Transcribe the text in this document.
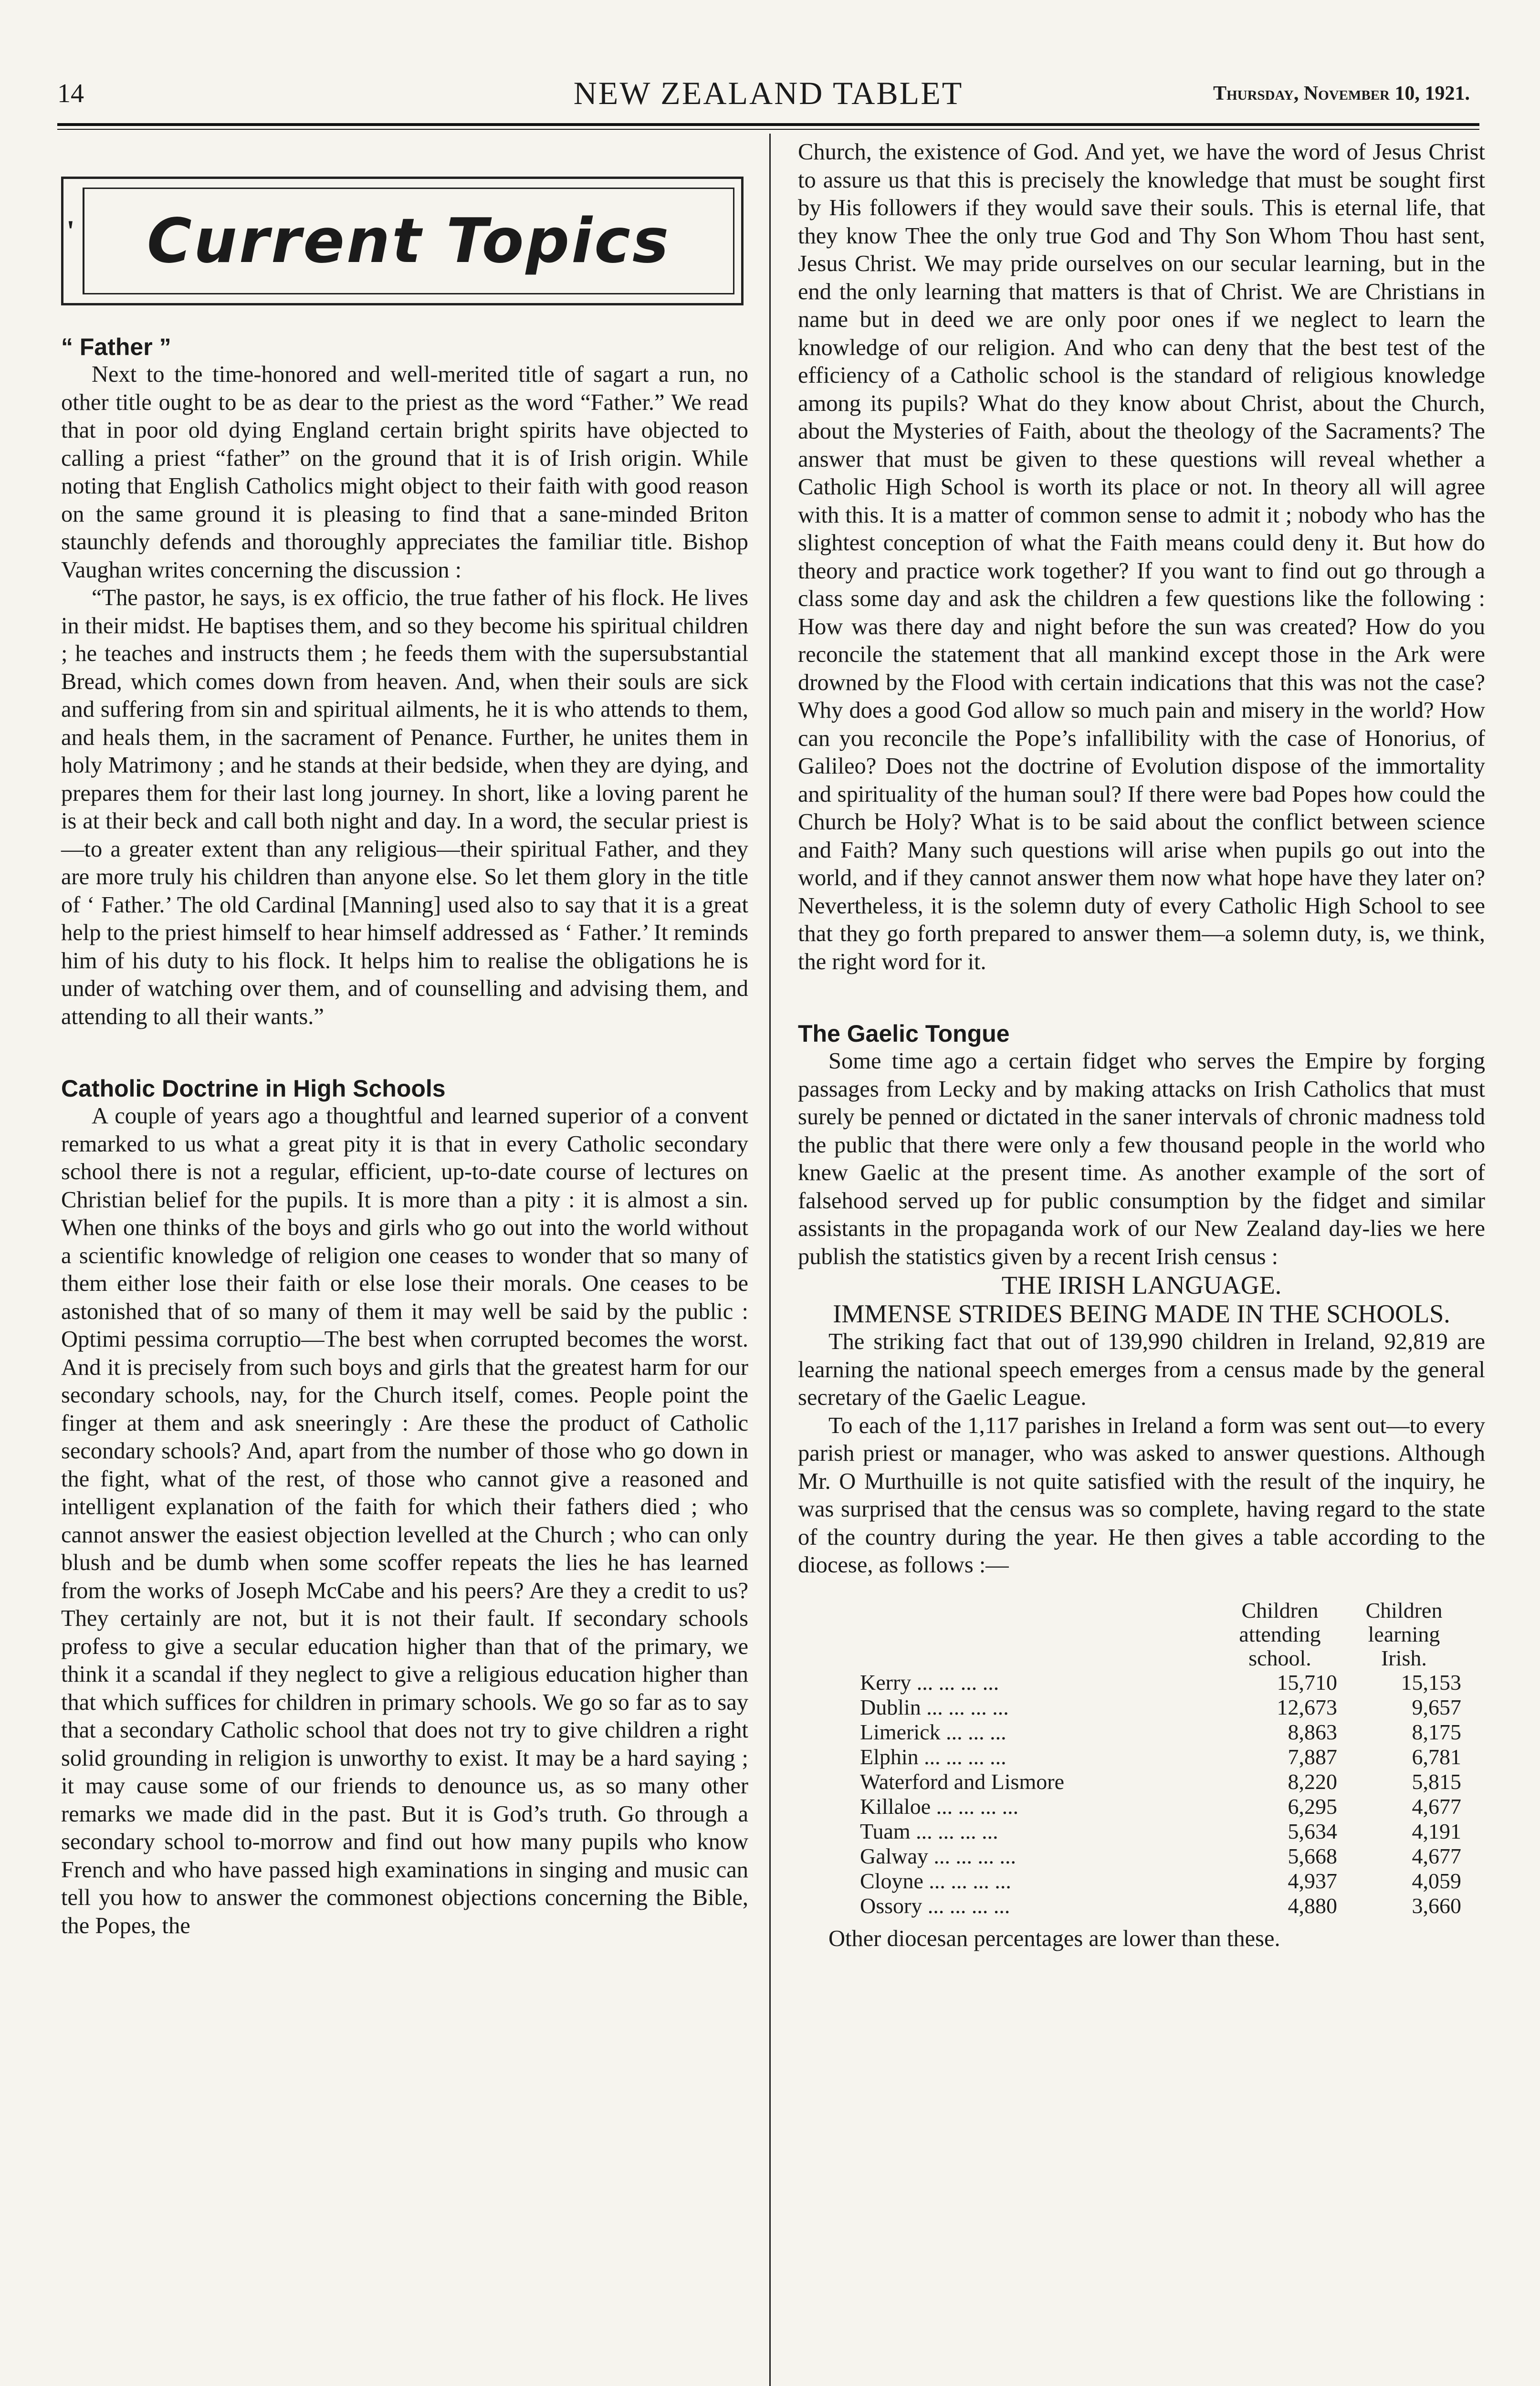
14	NEW ZEALAND TABLET	Thursday, November 10, 1921.
'	Current Topics
“ Father ”

Next to the time-honored and well-merited title of sagart a run, no other title ought to be as dear to the priest as the word “Father.” We read that in poor old dying England certain bright spirits have objected to calling a priest “father” on the ground that it is of Irish origin. While noting that English Catholics might object to their faith with good reason on the same ground it is pleasing to find that a sane-minded Briton staunchly defends and thoroughly appreciates the familiar title. Bishop Vaughan writes concerning the discussion :

“The pastor, he says, is ex officio, the true father of his flock. He lives in their midst. He baptises them, and so they become his spiritual children ; he teaches and instructs them ; he feeds them with the supersubstantial Bread, which comes down from heaven. And, when their souls are sick and suffering from sin and spiritual ailments, he it is who attends to them, and heals them, in the sacrament of Penance. Further, he unites them in holy Matrimony ; and he stands at their bedside, when they are dying, and prepares them for their last long journey. In short, like a loving parent he is at their beck and call both night and day. In a word, the secular priest is—to a greater extent than any religious—their spiritual Father, and they are more truly his children than anyone else. So let them glory in the title of ‘ Father.’ The old Cardinal [Manning] used also to say that it is a great help to the priest himself to hear himself addressed as ‘ Father.’ It reminds him of his duty to his flock. It helps him to realise the obligations he is under of watching over them, and of counselling and advising them, and attending to all their wants.”

Catholic Doctrine in High Schools

A couple of years ago a thoughtful and learned superior of a convent remarked to us what a great pity it is that in every Catholic secondary school there is not a regular, efficient, up-to-date course of lectures on Christian belief for the pupils. It is more than a pity : it is almost a sin. When one thinks of the boys and girls who go out into the world without a scientific knowledge of religion one ceases to wonder that so many of them either lose their faith or else lose their morals. One ceases to be astonished that of so many of them it may well be said by the public : Optimi pessima corruptio—The best when corrupted becomes the worst. And it is precisely from such boys and girls that the greatest harm for our secondary schools, nay, for the Church itself, comes. People point the finger at them and ask sneeringly : Are these the product of Catholic secondary schools? And, apart from the number of those who go down in the fight, what of the rest, of those who cannot give a reasoned and intelligent explanation of the faith for which their fathers died ; who cannot answer the easiest objection levelled at the Church ; who can only blush and be dumb when some scoffer repeats the lies he has learned from the works of Joseph McCabe and his peers? Are they a credit to us? They certainly are not, but it is not their fault. If secondary schools profess to give a secular education higher than that of the primary, we think it a scandal if they neglect to give a religious education higher than that which suffices for children in primary schools. We go so far as to say that a secondary Catholic school that does not try to give children a right solid grounding in religion is unworthy to exist. It may be a hard saying ; it may cause some of our friends to denounce us, as so many other remarks we made did in the past. But it is God’s truth. Go through a secondary school to-morrow and find out how many pupils who know French and who have passed high examinations in singing and music can tell you how to answer the commonest objections concerning the Bible, the Popes, the

Church, the existence of God. And yet, we have the word of Jesus Christ to assure us that this is precisely the knowledge that must be sought first by His followers if they would save their souls. This is eternal life, that they know Thee the only true God and Thy Son Whom Thou hast sent, Jesus Christ. We may pride ourselves on our secular learning, but in the end the only learning that matters is that of Christ. We are Christians in name but in deed we are only poor ones if we neglect to learn the knowledge of our religion. And who can deny that the best test of the efficiency of a Catholic school is the standard of religious knowledge among its pupils? What do they know about Christ, about the Church, about the Mysteries of Faith, about the theology of the Sacraments? The answer that must be given to these questions will reveal whether a Catholic High School is worth its place or not. In theory all will agree with this. It is a matter of common sense to admit it ; nobody who has the slightest conception of what the Faith means could deny it. But how do theory and practice work together? If you want to find out go through a class some day and ask the children a few questions like the following : How was there day and night before the sun was created? How do you reconcile the statement that all mankind except those in the Ark were drowned by the Flood with certain indications that this was not the case? Why does a good God allow so much pain and misery in the world? How can you reconcile the Pope’s infallibility with the case of Honorius, of Galileo? Does not the doctrine of Evolution dispose of the immortality and spirituality of the human soul? If there were bad Popes how could the Church be Holy? What is to be said about the conflict between science and Faith? Many such questions will arise when pupils go out into the world, and if they cannot answer them now what hope have they later on? Nevertheless, it is the solemn duty of every Catholic High School to see that they go forth prepared to answer them—a solemn duty, is, we think, the right word for it.

The Gaelic Tongue

Some time ago a certain fidget who serves the Empire by forging passages from Lecky and by making attacks on Irish Catholics that must surely be penned or dictated in the saner intervals of chronic madness told the public that there were only a few thousand people in the world who knew Gaelic at the present time. As another example of the sort of falsehood served up for public consumption by the fidget and similar assistants in the propaganda work of our New Zealand day-lies we here publish the statistics given by a recent Irish census :

THE IRISH LANGUAGE.
IMMENSE STRIDES BEING MADE IN THE SCHOOLS.

The striking fact that out of 139,990 children in Ireland, 92,819 are learning the national speech emerges from a census made by the general secretary of the Gaelic League.

To each of the 1,117 parishes in Ireland a form was sent out—to every parish priest or manager, who was asked to answer questions. Although Mr. O Murthuille is not quite satisfied with the result of the inquiry, he was surprised that the census was so complete, having regard to the state of the country during the year. He then gives a table according to the diocese, as follows :—

	Children attending school.	Children learning Irish.
Kerry ... ... ... ...	15,710	15,153
Dublin ... ... ... ...	12,673	9,657
Limerick ... ... ...	8,863	8,175
Elphin ... ... ... ...	7,887	6,781
Waterford and Lismore	8,220	5,815
Killaloe ... ... ... ...	6,295	4,677
Tuam ... ... ... ...	5,634	4,191
Galway ... ... ... ...	5,668	4,677
Cloyne ... ... ... ...	4,937	4,059
Ossory ... ... ... ...	4,880	3,660

Other diocesan percentages are lower than these.
